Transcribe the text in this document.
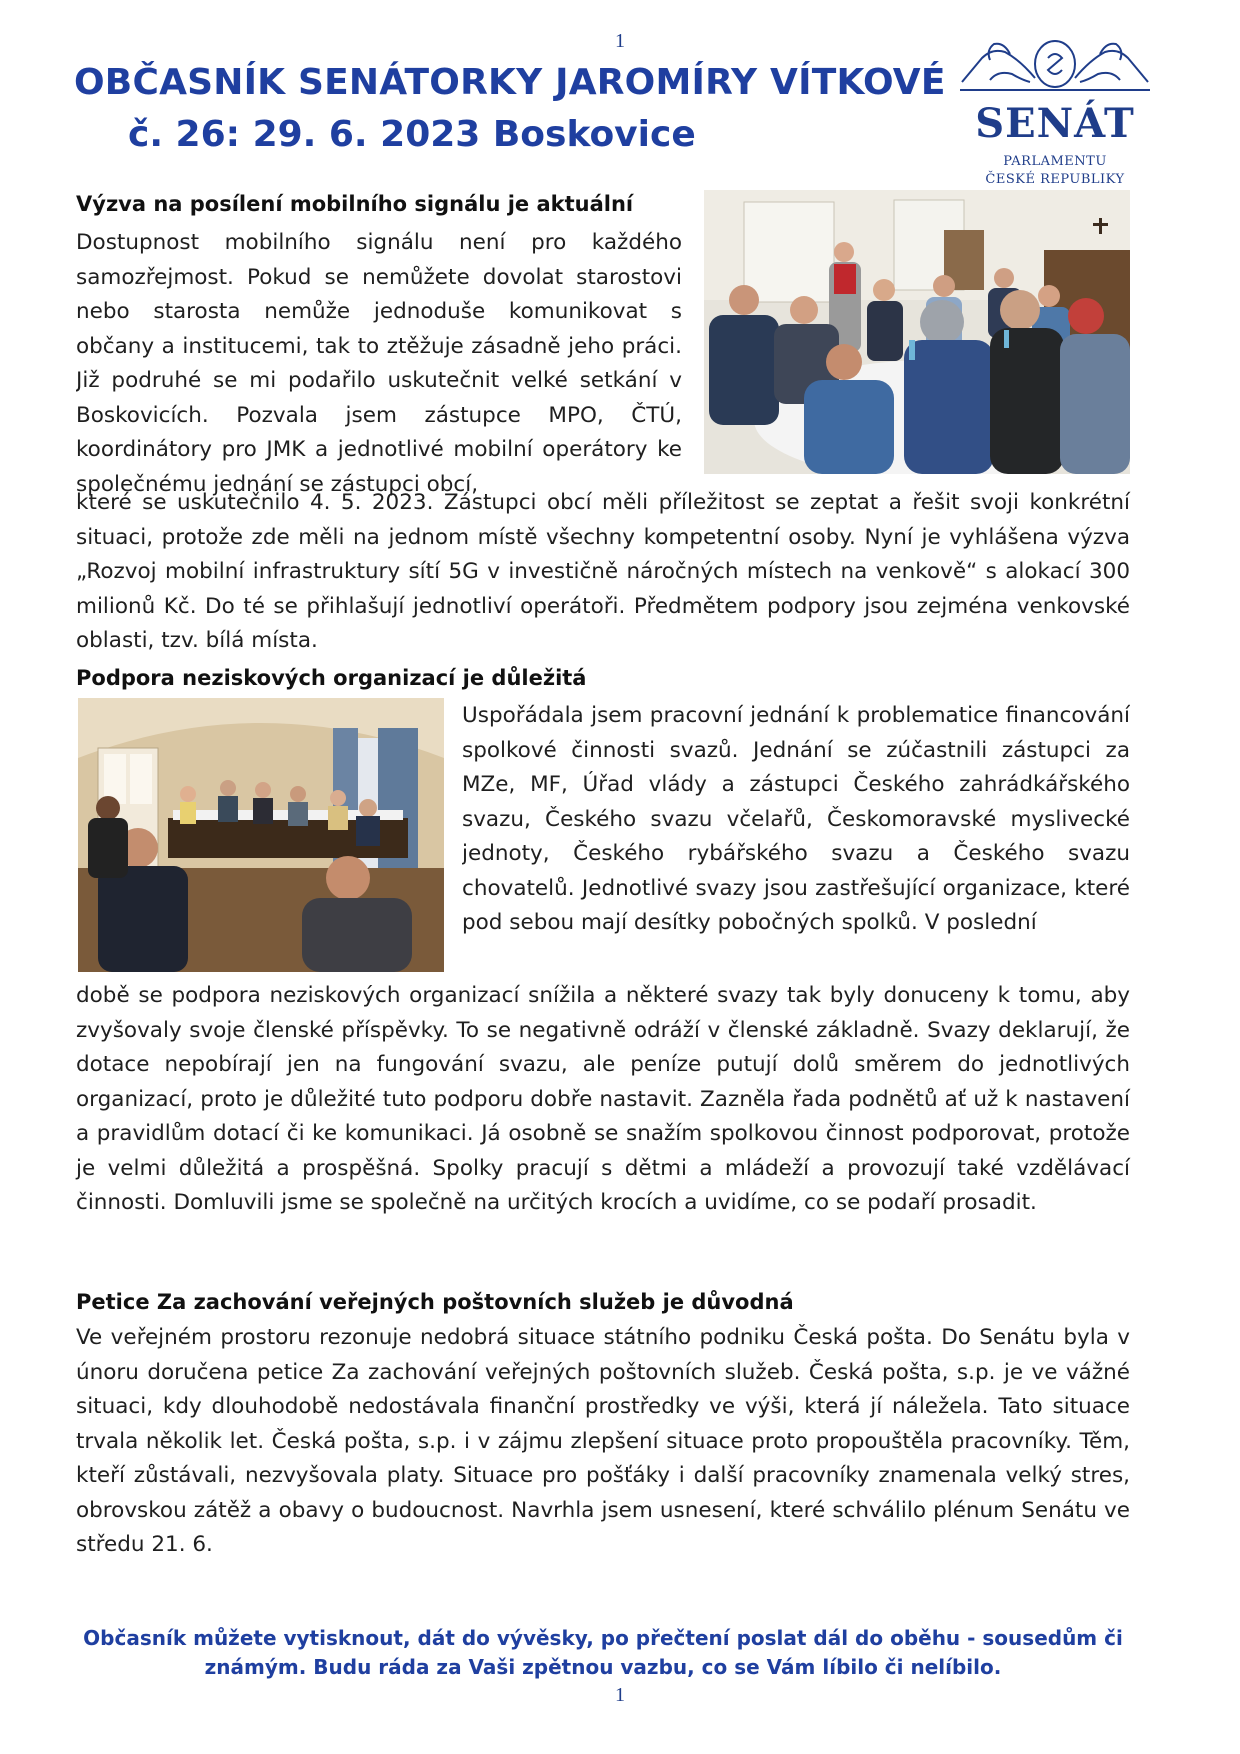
1
OBČASNÍK SENÁTORKY JAROMÍRY VÍTKOVÉ
č. 26: 29. 6. 2023 Boskovice	SENÁT
PARLAMENTU
ČESKÉ REPUBLIKY
Výzva na posílení mobilního signálu je aktuální
Dostupnost mobilního signálu není pro každého samozřejmost. Pokud se nemůžete dovolat starostovi nebo starosta nemůže jednoduše komunikovat s občany a institucemi, tak to ztěžuje zásadně jeho práci. Již podruhé se mi podařilo uskutečnit velké setkání v Boskovicích. Pozvala jsem zástupce MPO, ČTÚ, koordinátory pro JMK a jednotlivé mobilní operátory ke společnému jednání se zástupci obcí,
které se uskutečnilo 4. 5. 2023. Zástupci obcí měli příležitost se zeptat a řešit svoji konkrétní situaci, protože zde měli na jednom místě všechny kompetentní osoby. Nyní je vyhlášena výzva „Rozvoj mobilní infrastruktury sítí 5G v investičně náročných místech na venkově“ s alokací 300 milionů Kč. Do té se přihlašují jednotliví operátoři. Předmětem podpory jsou zejména venkovské oblasti, tzv. bílá místa.
Podpora neziskových organizací je důležitá
Uspořádala jsem pracovní jednání k problematice financování spolkové činnosti svazů. Jednání se zúčastnili zástupci za MZe, MF, Úřad vlády a zástupci Českého zahrádkářského svazu, Českého svazu včelařů, Českomoravské myslivecké jednoty, Českého rybářského svazu a Českého svazu chovatelů. Jednotlivé svazy jsou zastřešující organizace, které pod sebou mají desítky pobočných spolků. V poslední
době se podpora neziskových organizací snížila a některé svazy tak byly donuceny k tomu, aby zvyšovaly svoje členské příspěvky. To se negativně odráží v členské základně. Svazy deklarují, že dotace nepobírají jen na fungování svazu, ale peníze putují dolů směrem do jednotlivých organizací, proto je důležité tuto podporu dobře nastavit. Zazněla řada podnětů ať už k nastavení a pravidlům dotací či ke komunikaci. Já osobně se snažím spolkovou činnost podporovat, protože je velmi důležitá a prospěšná. Spolky pracují s dětmi a mládeží a provozují také vzdělávací činnosti. Domluvili jsme se společně na určitých krocích a uvidíme, co se podaří prosadit.
Petice Za zachování veřejných poštovních služeb je důvodná
Ve veřejném prostoru rezonuje nedobrá situace státního podniku Česká pošta. Do Senátu byla v únoru doručena petice Za zachování veřejných poštovních služeb. Česká pošta, s.p. je ve vážné situaci, kdy dlouhodobě nedostávala finanční prostředky ve výši, která jí náležela. Tato situace trvala několik let. Česká pošta, s.p. i v zájmu zlepšení situace proto propouštěla pracovníky. Těm, kteří zůstávali, nezvyšovala platy. Situace pro pošťáky i další pracovníky znamenala velký stres, obrovskou zátěž a obavy o budoucnost. Navrhla jsem usnesení, které schválilo plénum Senátu ve středu 21. 6.
Občasník můžete vytisknout, dát do vývěsky, po přečtení poslat dál do oběhu - sousedům či známým. Budu ráda za Vaši zpětnou vazbu, co se Vám líbilo či nelíbilo.
1
